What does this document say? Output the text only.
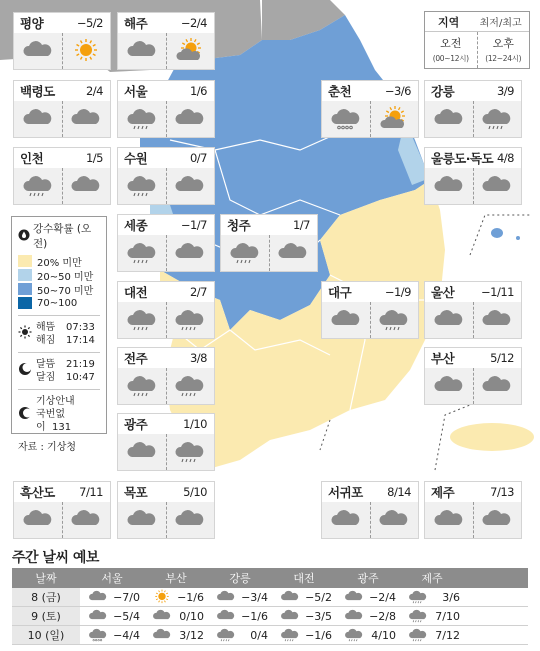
지역	최저/최고
오전
(00~12시)
오후
(12~24시)
평양	−5/2 해주	−2/4
백령도	2/4 서울	1/6	춘천	−3/6 강릉	3/9
인천	1/5 수원	0/7	울릉도·독도 4/8
세종	−1/7 청주	1/7
대전	2/7	대구	−1/9 울산 −1/11
전주	3/8	부산	5/12
광주	1/10
흑산도 7/11 목포	5/10	서귀포 8/14 제주	7/13
강수확률 (오전)
20% 미만
20~50 미만
50~70 미만
70~100
해뜸
해짐
07:33
17:14
달뜸
달짐
21:19
10:47
기상안내
국번없이 131
자료 : 기상청
주간 날씨 예보
날짜	서울	부산	강릉	대전	광주	제주
8 (금)	−7/0	−1/6	−3/4	−5/2	−2/4	3/6
9 (토)	−5/4	0/10	−1/6	−3/5	−2/8	7/10
10 (일)	−4/4	3/12	0/4	−1/6	4/10	7/12
